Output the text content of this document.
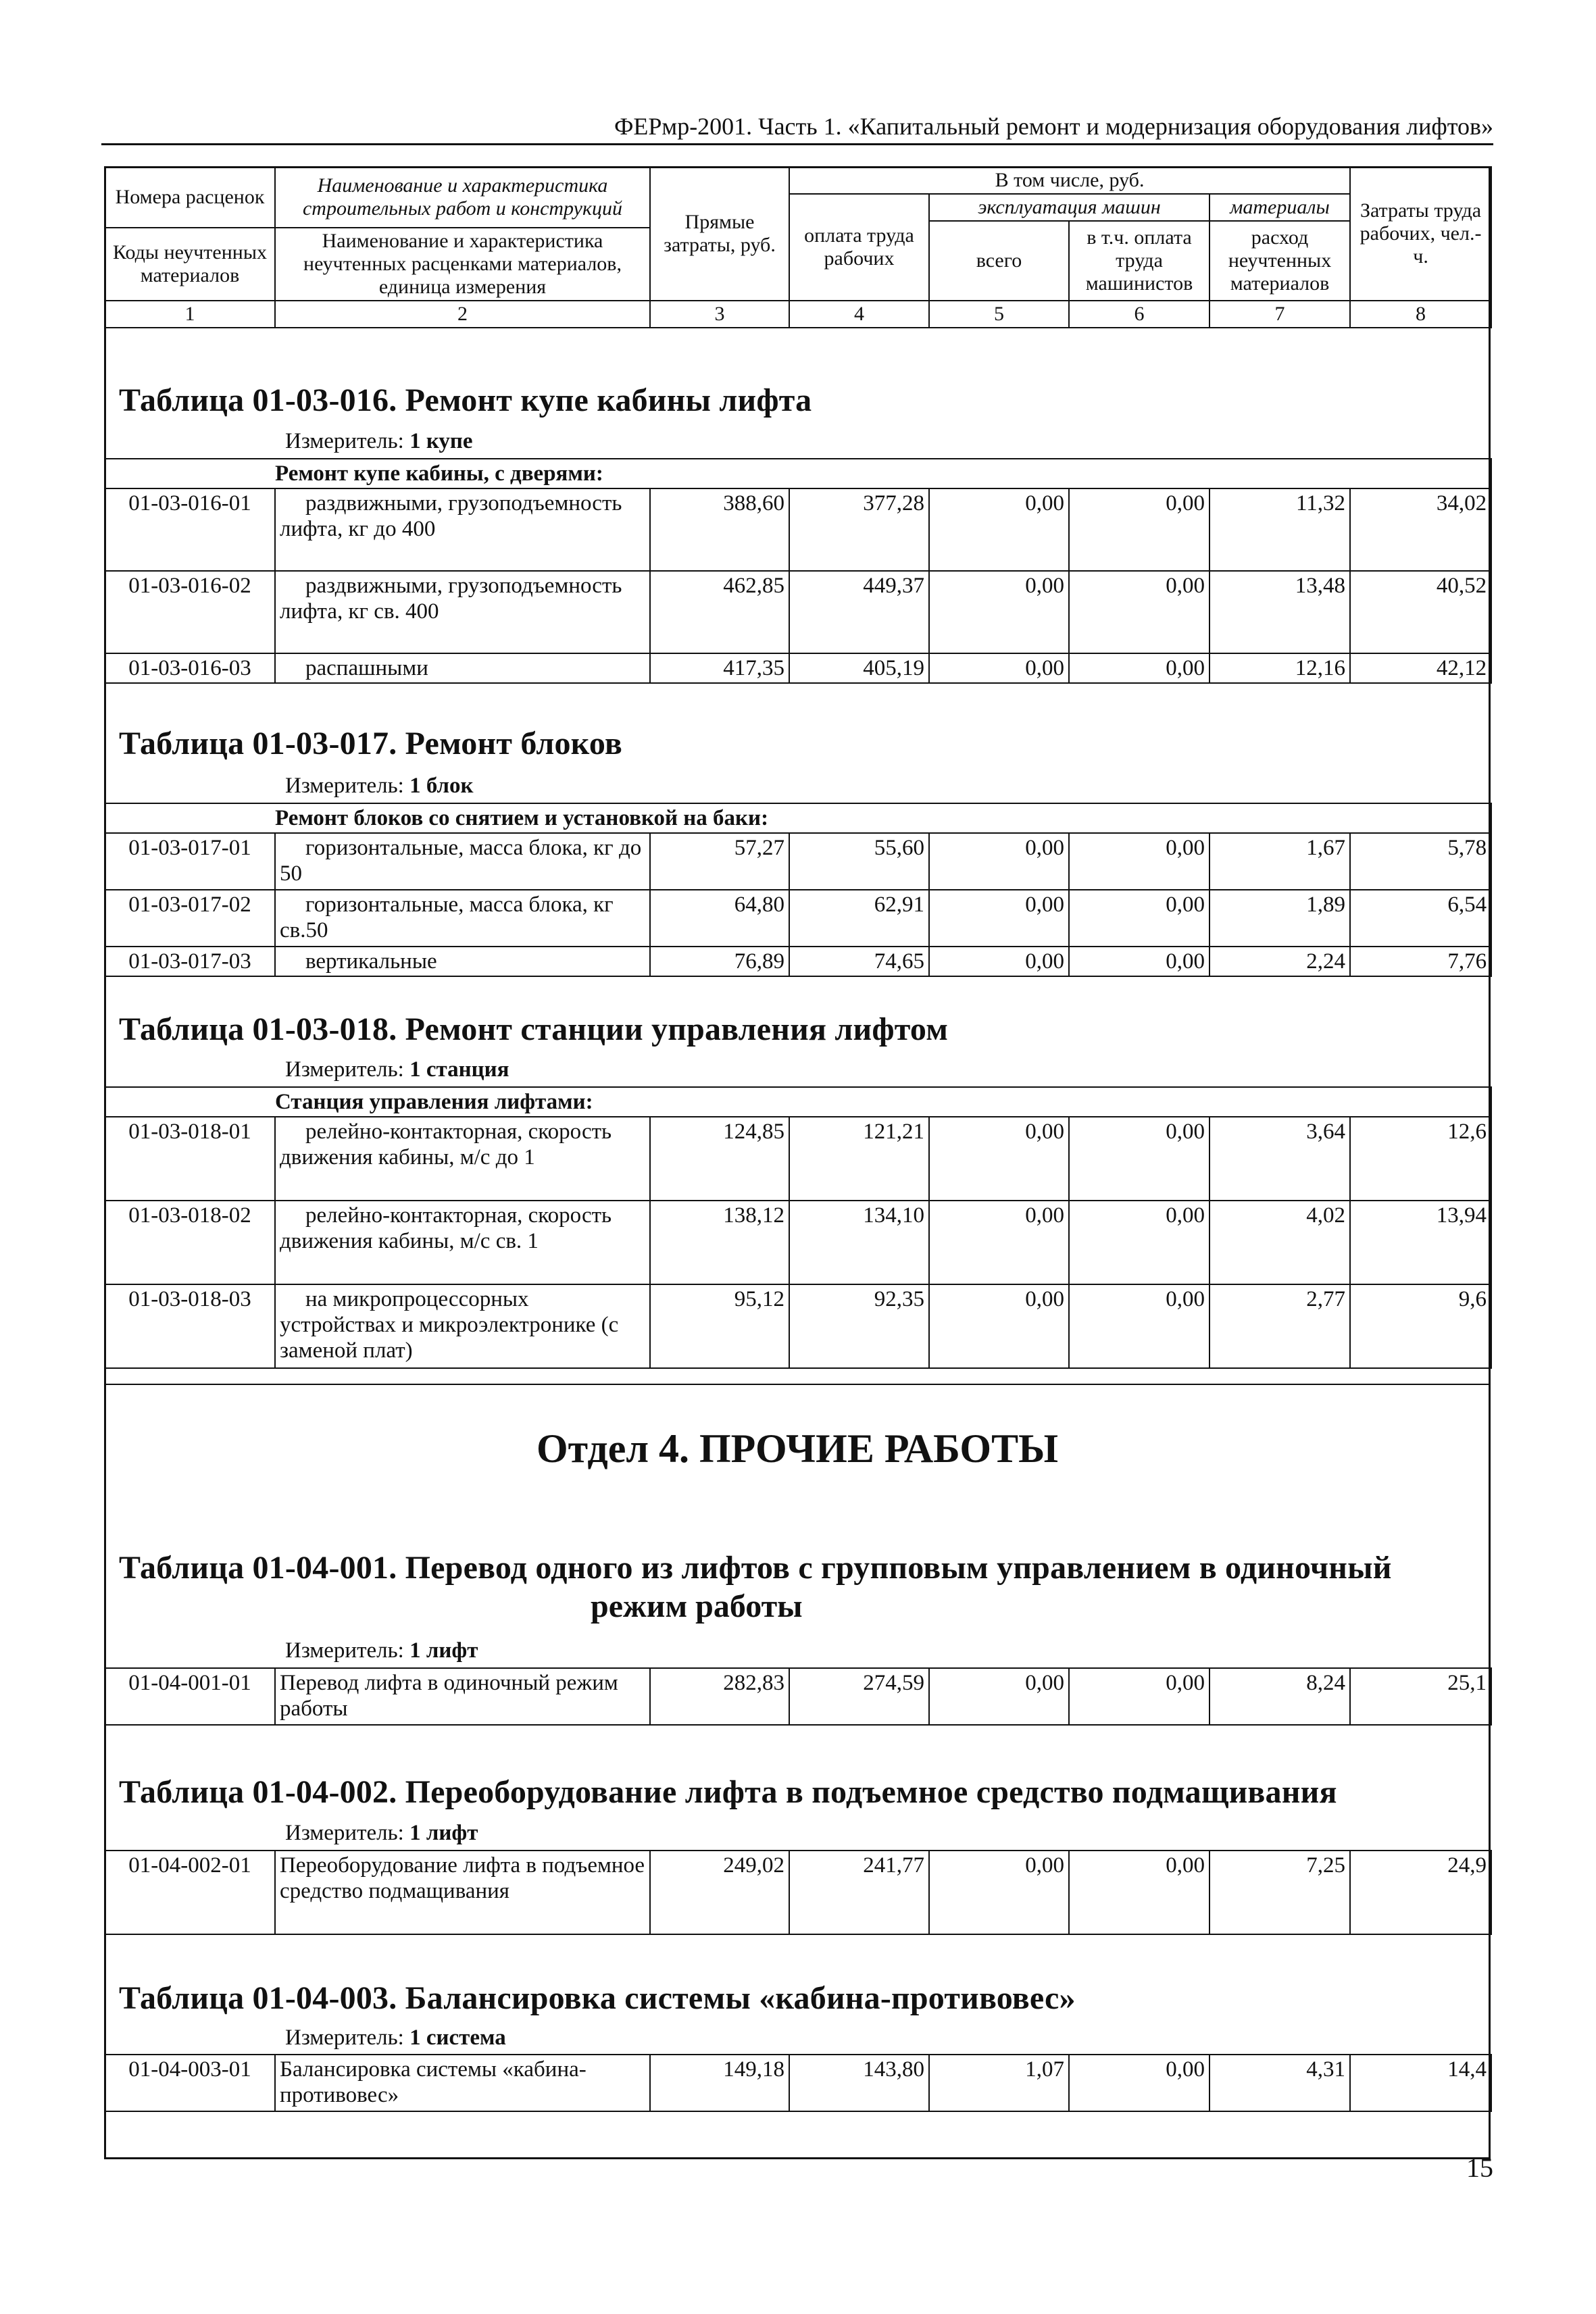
ФЕРмр-2001. Часть 1. «Капитальный ремонт и модернизация оборудования лифтов»
Номера расценок	Наименование и характеристика строительных работ и конструкций	Прямые затраты, руб.	В том числе, руб.				Затраты труда рабочих, чел.-ч.

			оплата труда рабочих	эксплуатация машин		материалы	

				всего	в т.ч. оплата труда машинистов	расход неучтенных материалов	

Коды неучтенных материалов	Наименование и характеристика неучтенных расценками материалов, единица измерения						

1	2	3	4	5	6	7	8
Таблица 01-03-016. Ремонт купе кабины лифта
Измеритель: 1 купе
	Ремонт купе кабины, с дверями:						
01-03-016-01	раздвижными, грузоподъемность лифта, кг до 400	388,60	377,28	0,00	0,00	11,32	34,02
01-03-016-02	раздвижными, грузоподъемность лифта, кг св. 400	462,85	449,37	0,00	0,00	13,48	40,52
01-03-016-03	распашными	417,35	405,19	0,00	0,00	12,16	42,12
Таблица 01-03-017. Ремонт блоков
Измеритель: 1 блок
	Ремонт блоков со снятием и установкой на баки:						
01-03-017-01	горизонтальные, масса блока, кг до 50	57,27	55,60	0,00	0,00	1,67	5,78
01-03-017-02	горизонтальные, масса блока, кг св.50	64,80	62,91	0,00	0,00	1,89	6,54
01-03-017-03	вертикальные	76,89	74,65	0,00	0,00	2,24	7,76
Таблица 01-03-018. Ремонт станции управления лифтом
Измеритель: 1 станция
	Станция управления лифтами:						
01-03-018-01	релейно-контакторная, скорость движения кабины, м/с до 1	124,85	121,21	0,00	0,00	3,64	12,6
01-03-018-02	релейно-контакторная, скорость движения кабины, м/с св. 1	138,12	134,10	0,00	0,00	4,02	13,94
01-03-018-03	на микропроцессорных устройствах и микроэлектронике (с заменой плат)	95,12	92,35	0,00	0,00	2,77	9,6
Отдел 4. ПРОЧИЕ РАБОТЫ
Таблица 01-04-001. Перевод одного из лифтов с групповым управлением в одиночный
режим работы
Измеритель: 1 лифт
01-04-001-01	Перевод лифта в одиночный режим работы	282,83	274,59	0,00	0,00	8,24	25,1
Таблица 01-04-002. Переоборудование лифта в подъемное средство подмащивания
Измеритель: 1 лифт
01-04-002-01	Переоборудование лифта в подъемное средство подмащивания	249,02	241,77	0,00	0,00	7,25	24,9
Таблица 01-04-003. Балансировка системы «кабина-противовес»
Измеритель: 1 система
01-04-003-01	Балансировка системы «кабина-противовес»	149,18	143,80	1,07	0,00	4,31	14,4
15
